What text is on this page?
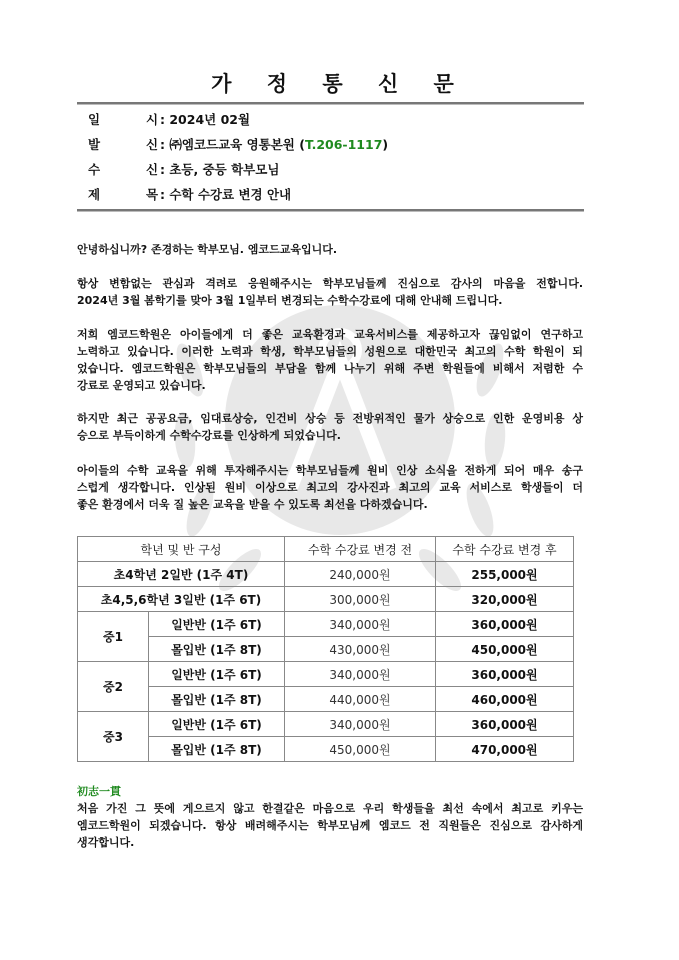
가 정 통 신 문
일	시 : 2024년 02월
발	신 : ㈜엠코드교육 영통본원 (T.206-1117)
수	신 : 초등, 중등 학부모님
제	목 : 수학 수강료 변경 안내
안녕하십니까? 존경하는 학부모님. 엠코드교육입니다.
항상 변함없는 관심과 격려로 응원해주시는 학부모님들께 진심으로 감사의 마음을 전합니다.
2024년 3월 봄학기를 맞아 3월 1일부터 변경되는 수학수강료에 대해 안내해 드립니다.
저희 엠코드학원은 아이들에게 더 좋은 교육환경과 교육서비스를 제공하고자 끊임없이 연구하고
노력하고 있습니다. 이러한 노력과 학생, 학부모님들의 성원으로 대한민국 최고의 수학 학원이 되
었습니다. 엠코드학원은 학부모님들의 부담을 함께 나누기 위해 주변 학원들에 비해서 저렴한 수
강료로 운영되고 있습니다.
하지만 최근 공공요금, 임대료상승, 인건비 상승 등 전방위적인 물가 상승으로 인한 운영비용 상
승으로 부득이하게 수학수강료를 인상하게 되었습니다.
아이들의 수학 교육을 위해 투자해주시는 학부모님들께 원비 인상 소식을 전하게 되어 매우 송구
스럽게 생각합니다. 인상된 원비 이상으로 최고의 강사진과 최고의 교육 서비스로 학생들이 더
좋은 환경에서 더욱 질 높은 교육을 받을 수 있도록 최선을 다하겠습니다.
학년 및 반 구성		수학 수강료 변경 전	수학 수강료 변경 후
초4학년 2일반 (1주 4T)		240,000원	255,000원
초4,5,6학년 3일반 (1주 6T)		300,000원	320,000원
중1	일반반 (1주 6T)	340,000원	360,000원
	몰입반 (1주 8T)	430,000원	450,000원
중2	일반반 (1주 6T)	340,000원	360,000원
	몰입반 (1주 8T)	440,000원	460,000원
중3	일반반 (1주 6T)	340,000원	360,000원
	몰입반 (1주 8T)	450,000원	470,000원
初志一貫
처음 가진 그 뜻에 게으르지 않고 한결같은 마음으로 우리 학생들을 최선 속에서 최고로 키우는
엠코드학원이 되겠습니다. 항상 배려해주시는 학부모님께 엠코드 전 직원들은 진심으로 감사하게
생각합니다.
